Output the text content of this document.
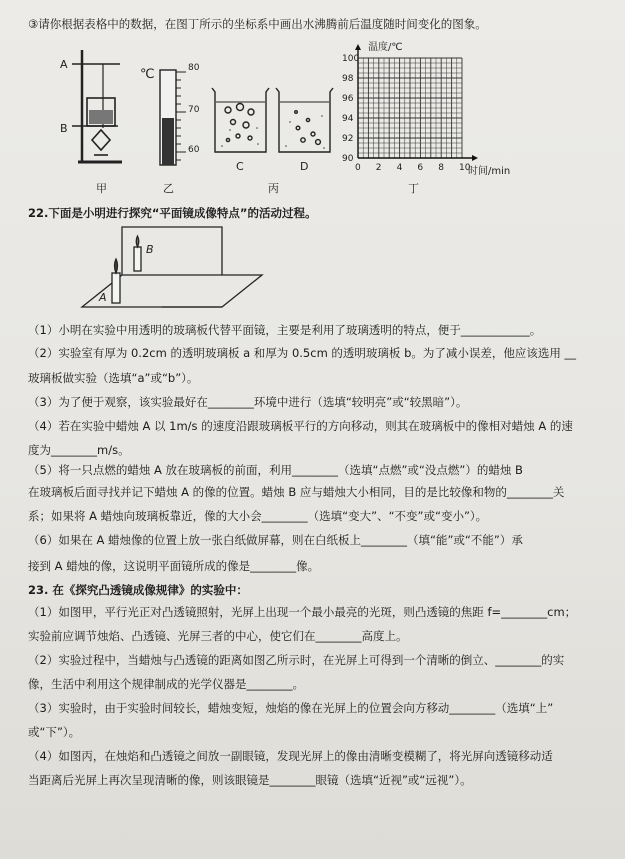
③请你根据表格中的数据，在图丁所示的坐标系中画出水沸腾前后温度随时间变化的图象。
A
B
℃	80
70
60
C	D
90
92
94
96
98
100
0 2 4 6 8 10
温度/℃
时间/min
甲	乙	丙	丁
22.下面是小明进行探究“平面镜成像特点”的活动过程。
A
B
（1）小明在实验中用透明的玻璃板代替平面镜，主要是利用了玻璃透明的特点，便于____________。
（2）实验室有厚为 0.2cm 的透明玻璃板 a 和厚为 0.5cm 的透明玻璃板 b。为了减小误差，他应该选用 __
玻璃板做实验（选填“a”或“b”）。
（3）为了便于观察，该实验最好在________环境中进行（选填“较明亮”或“较黑暗”）。
（4）若在实验中蜡烛 A 以 1m/s 的速度沿跟玻璃板平行的方向移动，则其在玻璃板中的像相对蜡烛 A 的速
度为________m/s。
（5）将一只点燃的蜡烛 A 放在玻璃板的前面，利用________（选填“点燃”或“没点燃”）的蜡烛 B
在玻璃板后面寻找并记下蜡烛 A 的像的位置。蜡烛 B 应与蜡烛大小相同，目的是比较像和物的________关
系；如果将 A 蜡烛向玻璃板靠近，像的大小会________（选填“变大”、“不变”或“变小”）。
（6）如果在 A 蜡烛像的位置上放一张白纸做屏幕，则在白纸板上________（填“能”或“不能”）承
接到 A 蜡烛的像，这说明平面镜所成的像是________像。
23. 在《探究凸透镜成像规律》的实验中：
（1）如图甲，平行光正对凸透镜照射，光屏上出现一个最小最亮的光斑，则凸透镜的焦距 f=________cm；
实验前应调节烛焰、凸透镜、光屏三者的中心，使它们在________高度上。
（2）实验过程中，当蜡烛与凸透镜的距离如图乙所示时，在光屏上可得到一个清晰的倒立、________的实
像，生活中利用这个规律制成的光学仪器是________。
（3）实验时，由于实验时间较长，蜡烛变短，烛焰的像在光屏上的位置会向方移动________（选填“上”
或“下”）。
（4）如图丙，在烛焰和凸透镜之间放一副眼镜，发现光屏上的像由清晰变模糊了，将光屏向透镜移动适
当距离后光屏上再次呈现清晰的像，则该眼镜是________眼镜（选填“近视”或“远视”）。
